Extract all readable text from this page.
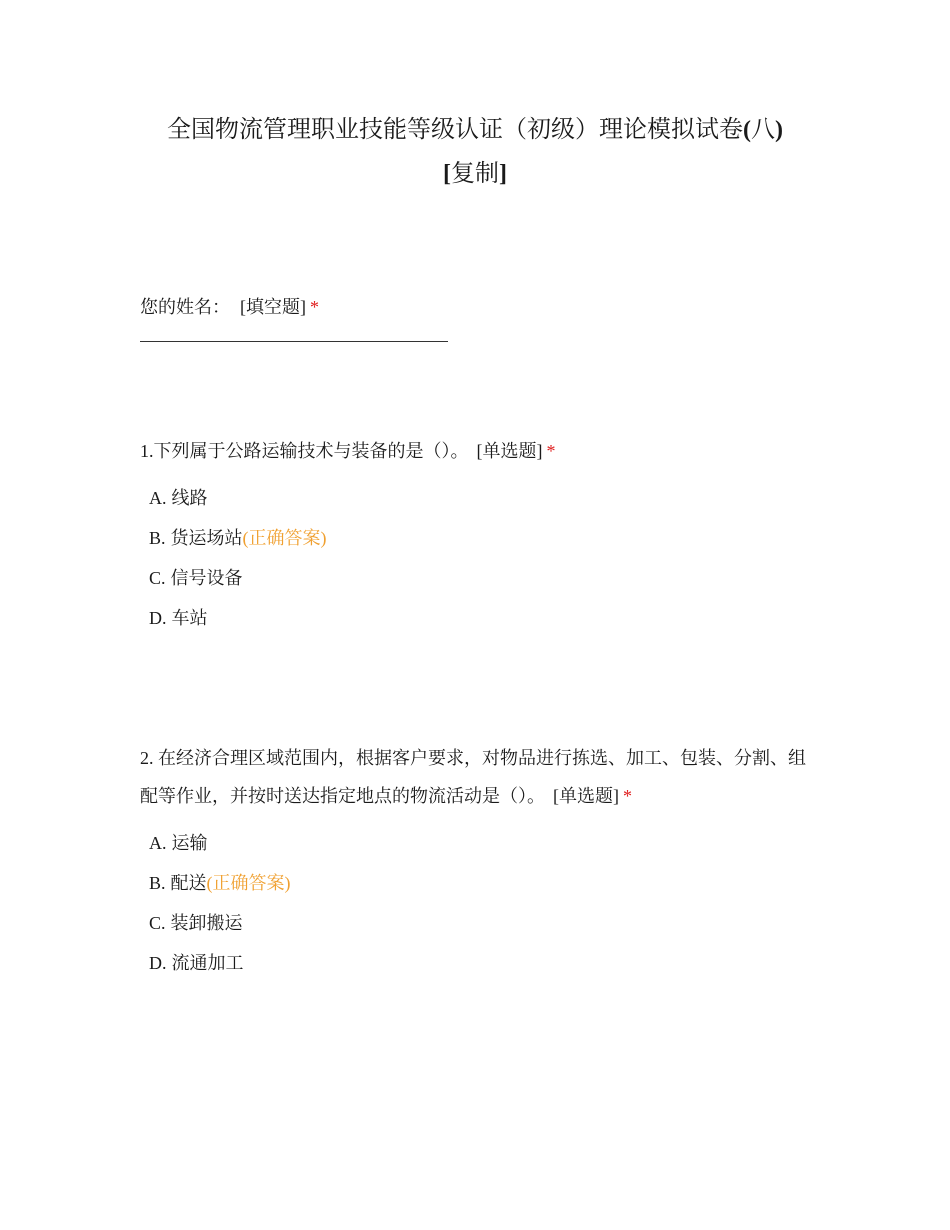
全国物流管理职业技能等级认证（初级）理论模拟试卷(八)
[复制]
您的姓名： [填空题] *
1.下列属于公路运输技术与装备的是（）。 [单选题] *
A. 线路
B. 货运场站(正确答案)
C. 信号设备
D. 车站
2. 在经济合理区域范围内，根据客户要求，对物品进行拣选、加工、包装、分割、组配等作业，并按时送达指定地点的物流活动是（）。 [单选题] *
A. 运输
B. 配送(正确答案)
C. 装卸搬运
D. 流通加工
